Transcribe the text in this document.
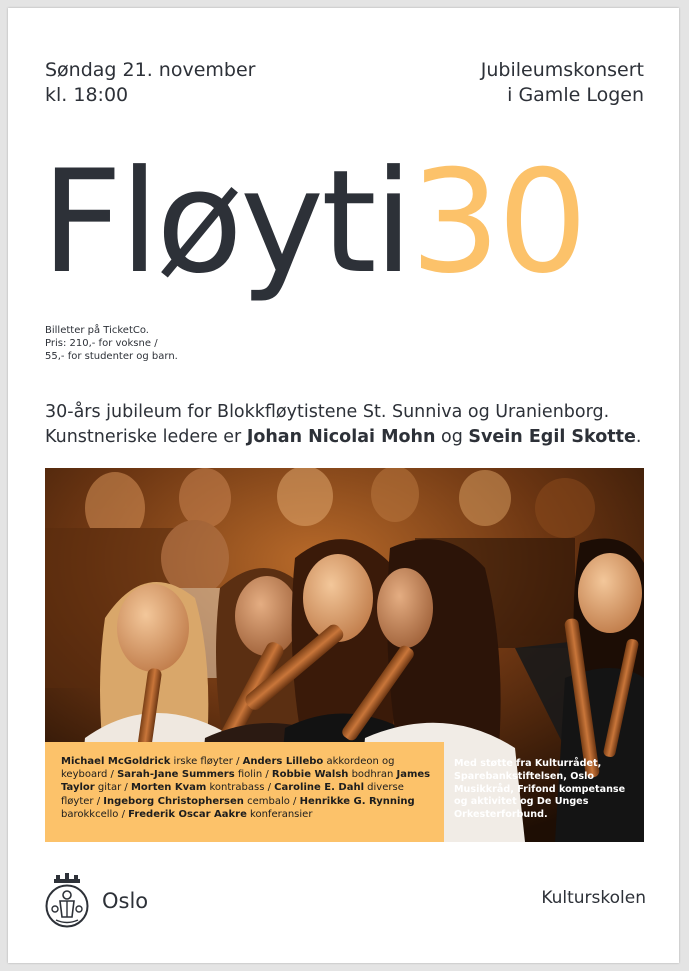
Søndag 21. november
kl. 18:00
Jubileumskonsert
i Gamle Logen
Fløyti30
Billetter på TicketCo.
Pris: 210,- for voksne /
55,- for studenter og barn.
30-års jubileum for Blokkfløytistene St. Sunniva og Uranienborg.
Kunstneriske ledere er Johan Nicolai Mohn og Svein Egil Skotte.
Michael McGoldrick irske fløyter / Anders Lillebo akkordeon og keyboard / Sarah-Jane Summers fiolin / Robbie Walsh bodhran James Taylor gitar / Morten Kvam kontrabass / Caroline E. Dahl diverse fløyter / Ingeborg Christophersen cembalo / Henrikke G. Rynning barokkcello / Frederik Oscar Aakre konferansier
Med støtte fra Kulturrådet, Sparebankstiftelsen, Oslo Musikkråd, Frifond kompetanse og aktivitet og De Unges Orkesterforbund.
Oslo	Kulturskolen
